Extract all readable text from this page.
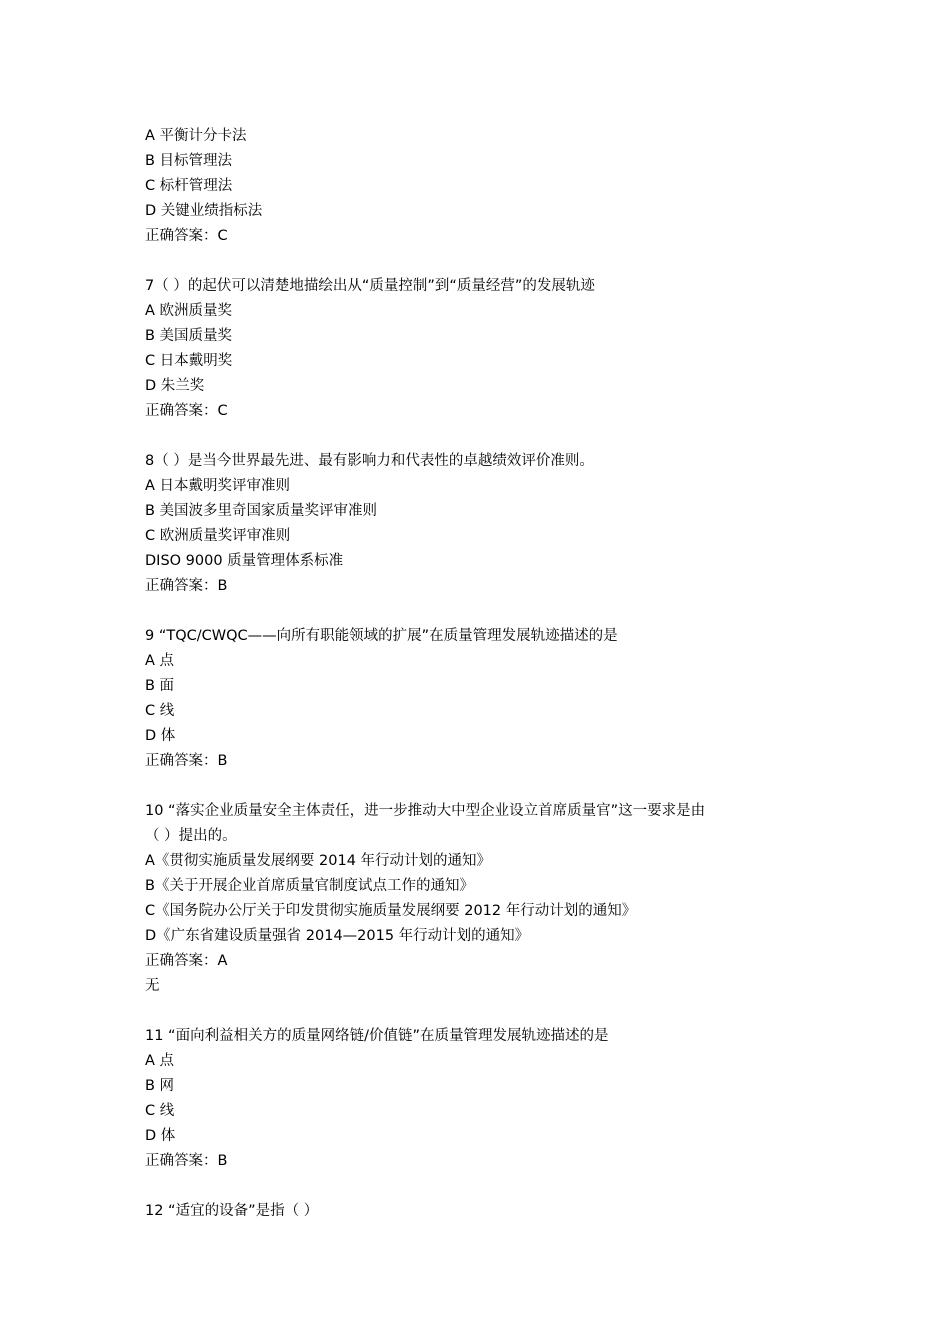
A 平衡计分卡法

B 目标管理法

C 标杆管理法

D 关键业绩指标法

正确答案：C

7（ ）的起伏可以清楚地描绘出从“质量控制”到“质量经营”的发展轨迹

A 欧洲质量奖

B 美国质量奖

C 日本戴明奖

D 朱兰奖

正确答案：C

8（ ）是当今世界最先进、最有影响力和代表性的卓越绩效评价准则。

A 日本戴明奖评审准则

B 美国波多里奇国家质量奖评审准则

C 欧洲质量奖评审准则

DISO 9000 质量管理体系标准

正确答案：B

9 “TQC/CWQC——向所有职能领域的扩展”在质量管理发展轨迹描述的是

A 点

B 面

C 线

D 体

正确答案：B

10 “落实企业质量安全主体责任，进一步推动大中型企业设立首席质量官”这一要求是由

（ ）提出的。

A《贯彻实施质量发展纲要 2014 年行动计划的通知》

B《关于开展企业首席质量官制度试点工作的通知》

C《国务院办公厅关于印发贯彻实施质量发展纲要 2012 年行动计划的通知》

D《广东省建设质量强省 2014—2015 年行动计划的通知》

正确答案：A

无

11 “面向利益相关方的质量网络链/价值链”在质量管理发展轨迹描述的是

A 点

B 网

C 线

D 体

正确答案：B

12 “适宜的设备”是指（ ）
